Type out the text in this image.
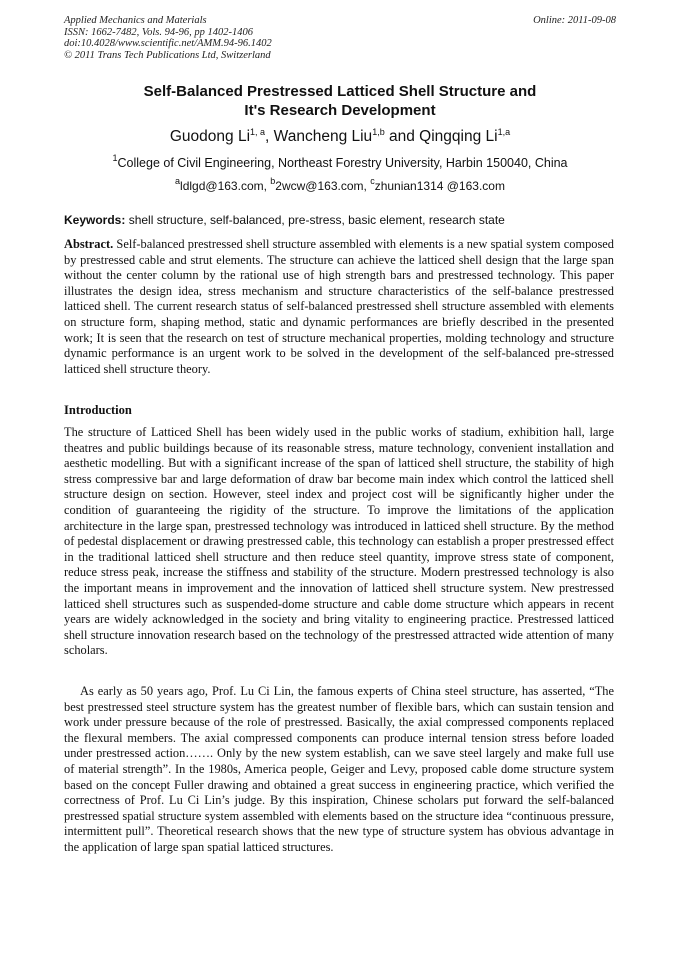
Applied Mechanics and Materials	Online: 2011-09-08
ISSN: 1662-7482, Vols. 94-96, pp 1402-1406
doi:10.4028/www.scientific.net/AMM.94-96.1402
© 2011 Trans Tech Publications Ltd, Switzerland
Self-Balanced Prestressed Latticed Shell Structure and
It's Research Development
Guodong Li$^{1, a}$, Wancheng Liu$^{1,b}$ and Qingqing Li$^{1,a}$
$^1$College of Civil Engineering, Northeast Forestry University, Harbin 150040, China
$^a$ldlgd@163.com, $^b$2wcw@163.com, $^c$zhunian1314 @163.com
Keywords: shell structure, self-balanced, pre-stress, basic element, research state
Abstract. Self-balanced prestressed shell structure assembled with elements is a new spatial system composed by prestressed cable and strut elements. The structure can achieve the latticed shell design that the large span without the center column by the rational use of high strength bars and prestressed technology. This paper illustrates the design idea, stress mechanism and structure characteristics of the self-balance prestressed latticed shell. The current research status of self-balanced prestressed shell structure assembled with elements on structure form, shaping method, static and dynamic performances are briefly described in the presented work; It is seen that the research on test of structure mechanical properties, molding technology and structure dynamic performance is an urgent work to be solved in the development of the self-balanced pre-stressed latticed shell structure theory.
Introduction
The structure of Latticed Shell has been widely used in the public works of stadium, exhibition hall, large theatres and public buildings because of its reasonable stress, mature technology, convenient installation and aesthetic modelling. But with a significant increase of the span of latticed shell structure, the stability of high stress compressive bar and large deformation of draw bar become main index which control the latticed shell structure design on section. However, steel index and project cost will be significantly higher under the condition of guaranteeing the rigidity of the structure. To improve the limitations of the application architecture in the large span, prestressed technology was introduced in latticed shell structure. By the method of pedestal displacement or drawing prestressed cable, this technology can establish a proper prestressed effect in the traditional latticed shell structure and then reduce steel quantity, improve stress state of component, reduce stress peak, increase the stiffness and stability of the structure. Modern prestressed technology is also the important means in improvement and the innovation of latticed shell structure system. New prestressed latticed shell structures such as suspended-dome structure and cable dome structure which appears in recent years are widely acknowledged in the society and bring vitality to engineering practice. Prestressed latticed shell structure innovation research based on the technology of the prestressed attracted wide attention of many scholars.
As early as 50 years ago, Prof. Lu Ci Lin, the famous experts of China steel structure, has asserted, “The best prestressed steel structure system has the greatest number of flexible bars, which can sustain tension and work under pressure because of the role of prestressed. Basically, the axial compressed components replaced the flexural members. The axial compressed components can produce internal tension stress before loaded under prestressed action……. Only by the new system establish, can we save steel largely and make full use of material strength”. In the 1980s, America people, Geiger and Levy, proposed cable dome structure system based on the concept Fuller drawing and obtained a great success in engineering practice, which verified the correctness of Prof. Lu Ci Lin’s judge. By this inspiration, Chinese scholars put forward the self-balanced prestressed spatial structure system assembled with elements based on the structure idea “continuous pressure, intermittent pull”. Theoretical research shows that the new type of structure system has obvious advantage in the application of large span spatial latticed structures.
